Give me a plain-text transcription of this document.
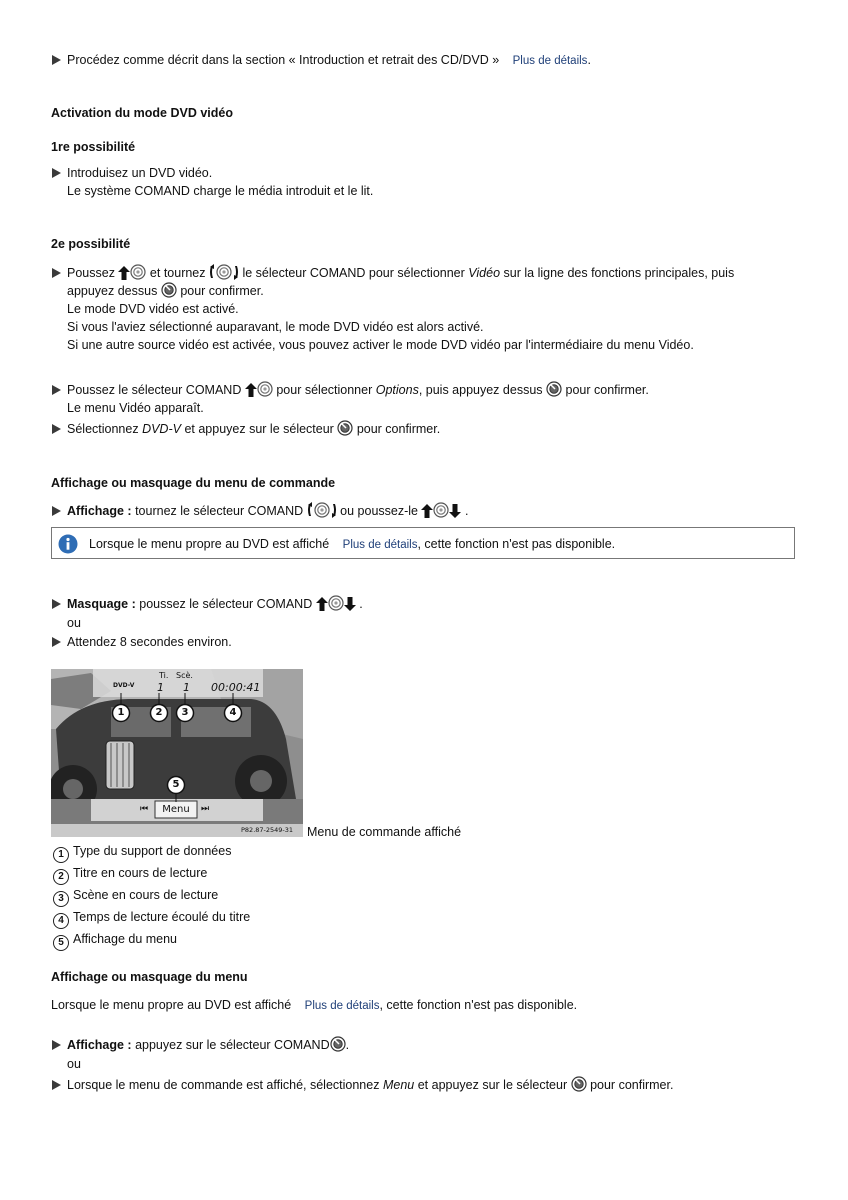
Procédez comme décrit dans la section « Introduction et retrait des CD/DVD » Plus de détails.
Activation du mode DVD vidéo
1re possibilité
Introduisez un DVD vidéo.
Le système COMAND charge le média introduit et le lit.
2e possibilité
Poussez	et tournez	le sélecteur COMAND pour sélectionner Vidéo sur la ligne des fonctions principales, puis
appuyez dessus pour confirmer.
Le mode DVD vidéo est activé.
Si vous l'aviez sélectionné auparavant, le mode DVD vidéo est alors activé.
Si une autre source vidéo est activée, vous pouvez activer le mode DVD vidéo par l'intermédiaire du menu Vidéo.
Poussez le sélecteur COMAND	pour sélectionner Options, puis appuyez dessus pour confirmer.
Le menu Vidéo apparaît.
Sélectionnez DVD-V et appuyez sur le sélecteur pour confirmer.
Affichage ou masquage du menu de commande
Affichage : tournez le sélecteur COMAND	ou poussez-le	.
Lorsque le menu propre au DVD est affiché Plus de détails, cette fonction n'est pas disponible.
Masquage : poussez le sélecteur COMAND	.
ou
Attendez 8 secondes environ.
DVD-V
Ti. Scè.
1 1 00:00:41
1	2 3	4
5
⏮	Menu	⏭
P82.87-2549-31 Menu de commande affiché
1 Type du support de données
2 Titre en cours de lecture
3 Scène en cours de lecture
4 Temps de lecture écoulé du titre
5 Affichage du menu
Affichage ou masquage du menu
Lorsque le menu propre au DVD est affiché Plus de détails, cette fonction n'est pas disponible.
Affichage : appuyez sur le sélecteur COMAND .
ou
Lorsque le menu de commande est affiché, sélectionnez Menu et appuyez sur le sélecteur pour confirmer.
